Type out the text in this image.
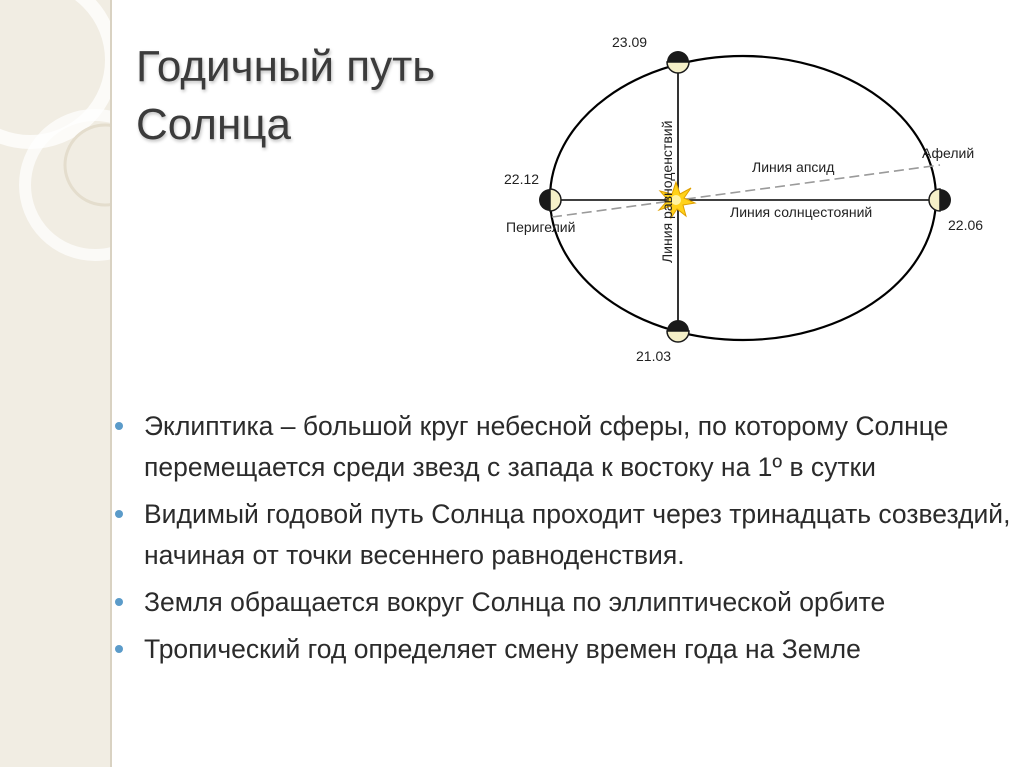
Годичный путь
Солнца
23.09
21.03
22.12
22.06
Перигелий
Афелий
Линия апсид
Линия солнцестояний
Линия равноденствий
Эклиптика – большой круг небесной сферы, по которому Солнце перемещается среди звезд с запада к востоку на 1º в сутки
Видимый годовой путь Солнца проходит через тринадцать созвездий, начиная от точки весеннего равноденствия.
Земля обращается вокруг Солнца по эллиптической орбите
Тропический год определяет смену времен года на Земле
